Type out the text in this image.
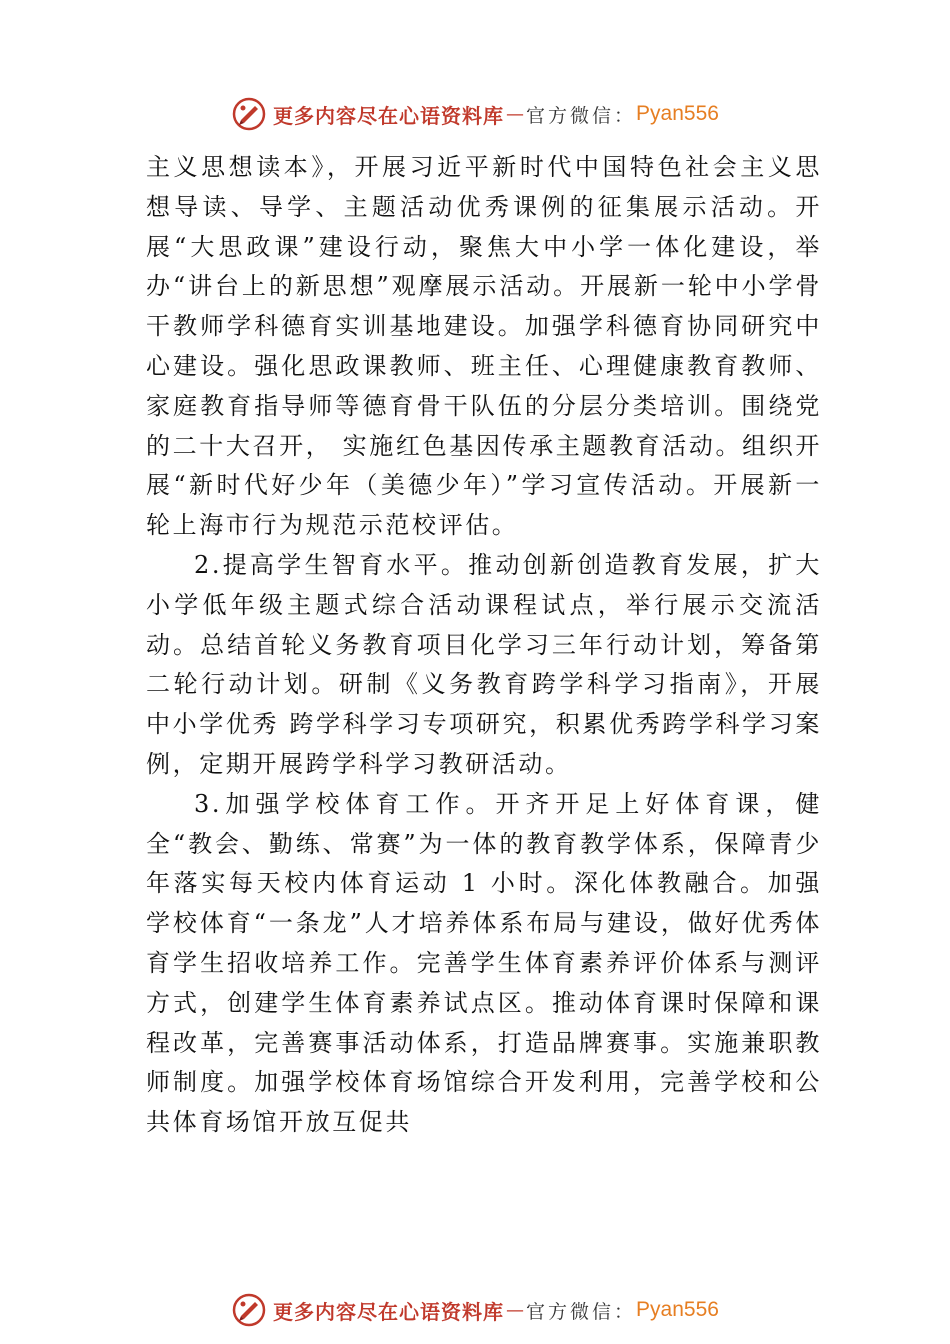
更多内容尽在心语资料库 — 官方微信： Pyan556

主义思想读本》，开展习近平新时代中国特色社会主义思想导读、导学、主题活动优秀课例的征集展示活动。开展“大思政课”建设行动，聚焦大中小学一体化建设，举办“讲台上的新思想”观摩展示活动。开展新一轮中小学骨干教师学科德育实训基地建设。加强学科德育协同研究中心建设。强化思政课教师、班主任、心理健康教育教师、家庭教育指导师等德育骨干队伍的分层分类培训。围绕党的二十大召开， 实施红色基因传承主题教育活动。组织开展“新时代好少年（美德少年）”学习宣传活动。开展新一轮上海市行为规范示范校评估。

2.提高学生智育水平。推动创新创造教育发展，扩大小学低年级主题式综合活动课程试点，举行展示交流活动。总结首轮义务教育项目化学习三年行动计划，筹备第二轮行动计划。研制《义务教育跨学科学习指南》，开展中小学优秀 跨学科学习专项研究，积累优秀跨学科学习案例，定期开展跨学科学习教研活动。

3.加强学校体育工作。开齐开足上好体育课，健全“教会、勤练、常赛”为一体的教育教学体系，保障青少年落实每天校内体育运动 1 小时。深化体教融合。加强学校体育“一条龙”人才培养体系布局与建设，做好优秀体育学生招收培养工作。完善学生体育素养评价体系与测评方式，创建学生体育素养试点区。推动体育课时保障和课程改革，完善赛事活动体系，打造品牌赛事。实施兼职教师制度。加强学校体育场馆综合开发利用，完善学校和公共体育场馆开放互促共

更多内容尽在心语资料库 — 官方微信： Pyan556
